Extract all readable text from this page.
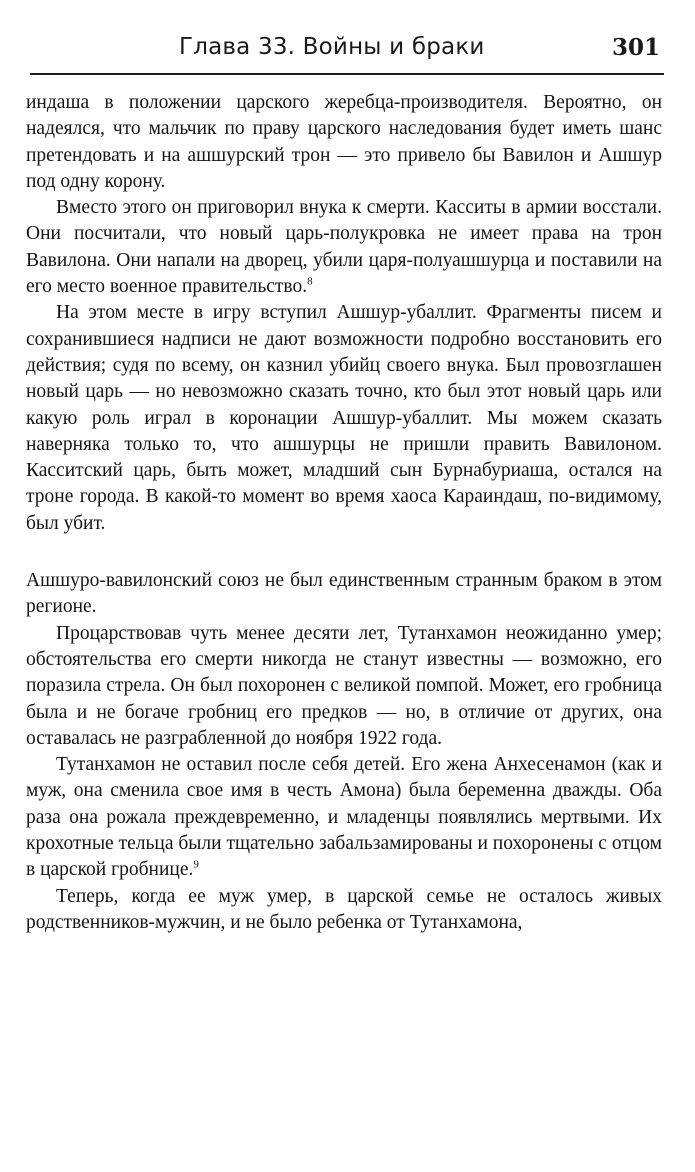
Глава 33. Войны и браки	301

индаша в положении царского жеребца-производителя. Вероятно, он надеялся, что мальчик по праву царского наследования будет иметь шанс претендовать и на ашшурский трон — это привело бы Вавилон и Ашшур под одну корону.

Вместо этого он приговорил внука к смерти. Касситы в армии восстали. Они посчитали, что новый царь-полукровка не имеет права на трон Вавилона. Они напали на дворец, убили царя-полуашшурца и поставили на его место военное правительство.$^8$

На этом месте в игру вступил Ашшур-убаллит. Фрагменты писем и сохранившиеся надписи не дают возможности подробно восстановить его действия; судя по всему, он казнил убийц своего внука. Был провозглашен новый царь — но невозможно сказать точно, кто был этот новый царь или какую роль играл в коронации Ашшур-убаллит. Мы можем сказать наверняка только то, что ашшурцы не пришли править Вавилоном. Касситский царь, быть может, младший сын Бурнабуриаша, остался на троне города. В какой-то момент во время хаоса Караиндаш, по-видимому, был убит.

Ашшуро-вавилонский союз не был единственным странным браком в этом регионе.

Процарствовав чуть менее десяти лет, Тутанхамон неожиданно умер; обстоятельства его смерти никогда не станут известны — возможно, его поразила стрела. Он был похоронен с великой помпой. Может, его гробница была и не богаче гробниц его предков — но, в отличие от других, она оставалась не разграбленной до ноября 1922 года.

Тутанхамон не оставил после себя детей. Его жена Анхесенамон (как и муж, она сменила свое имя в честь Амона) была беременна дважды. Оба раза она рожала преждевременно, и младенцы появлялись мертвыми. Их крохотные тельца были тщательно забальзамированы и похоронены с отцом в царской гробнице.$^9$

Теперь, когда ее муж умер, в царской семье не осталось живых родственников-мужчин, и не было ребенка от Тутанхамона,
